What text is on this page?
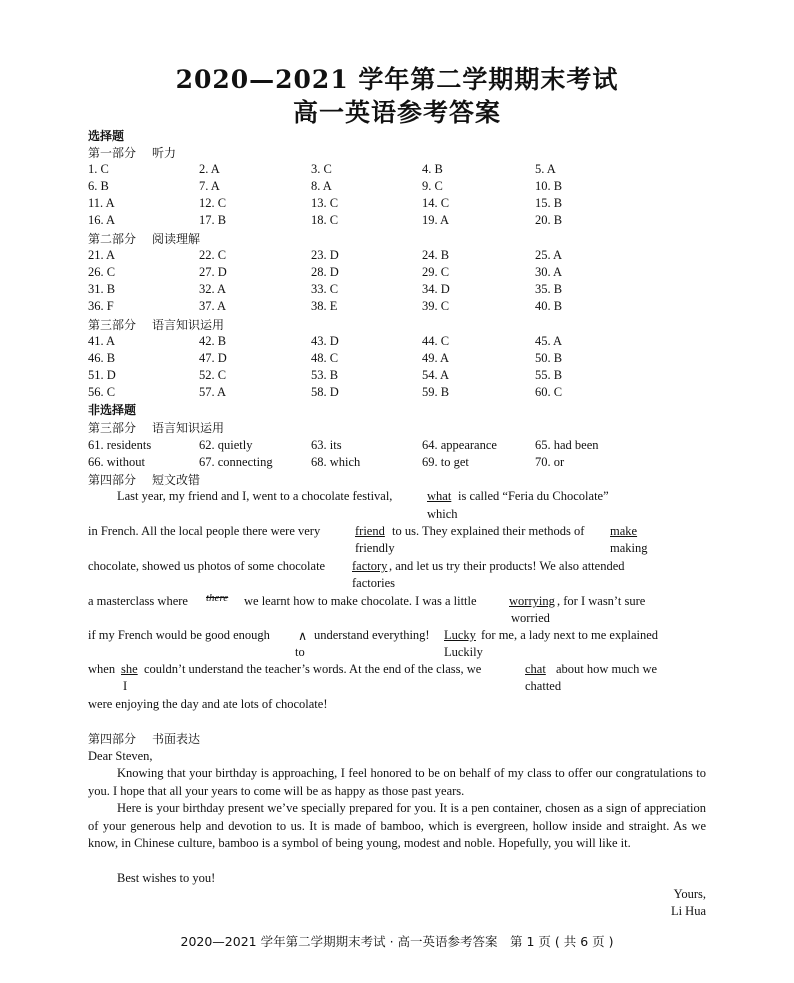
2020—2021 学年第二学期期末考试
高一英语参考答案
选择题
第一部分 听力
1. C	2. A	3. C	4. B	5. A
6. B	7. A	8. A	9. C	10. B
11. A	12. C	13. C	14. C	15. B
16. A	17. B	18. C	19. A	20. B
第二部分 阅读理解
21. A	22. C	23. D	24. B	25. A
26. C	27. D	28. D	29. C	30. A
31. B	32. A	33. C	34. D	35. B
36. F	37. A	38. E	39. C	40. B
第三部分 语言知识运用
41. A	42. B	43. D	44. C	45. A
46. B	47. D	48. C	49. A	50. B
51. D	52. C	53. B	54. A	55. B
56. C	57. A	58. D	59. B	60. C
非选择题
第三部分 语言知识运用
61. residents	62. quietly	63. its	64. appearance	65. had been
66. without	67. connecting	68. which	69. to get	70. or
第四部分 短文改错
Last year, my friend and I, went to a chocolate festival,	what is called “Feria du Chocolate”
which
in French. All the local people there were very	friend to us. They explained their methods of make
friendly	making
chocolate, showed us photos of some chocolate factory , and let us try their products! We also attended
factories
a masterclass where there we learnt how to make chocolate. I was a little	worrying , for I wasn’t sure
worried
if my French would be good enough ∧ understand everything! Lucky for me, a lady next to me explained
to	Luckily
when she couldn’t understand the teacher’s words. At the end of the class, we	chat about how much we
I	chatted
were enjoying the day and ate lots of chocolate!
第四部分 书面表达
Dear Steven,
Knowing that your birthday is approaching, I feel honored to be on behalf of my class to offer our congratulations to you. I hope that all your years to come will be as happy as those past years.
Here is your birthday present we’ve specially prepared for you. It is a pen container, chosen as a sign of appreciation of your generous help and devotion to us. It is made of bamboo, which is evergreen, hollow inside and straight. As we know, in Chinese culture, bamboo is a symbol of being young, modest and noble. Hopefully, you will like it.
Best wishes to you!
Yours,
Li Hua
2020—2021 学年第二学期期末考试 · 高一英语参考答案　第 1 页 ( 共 6 页 )
